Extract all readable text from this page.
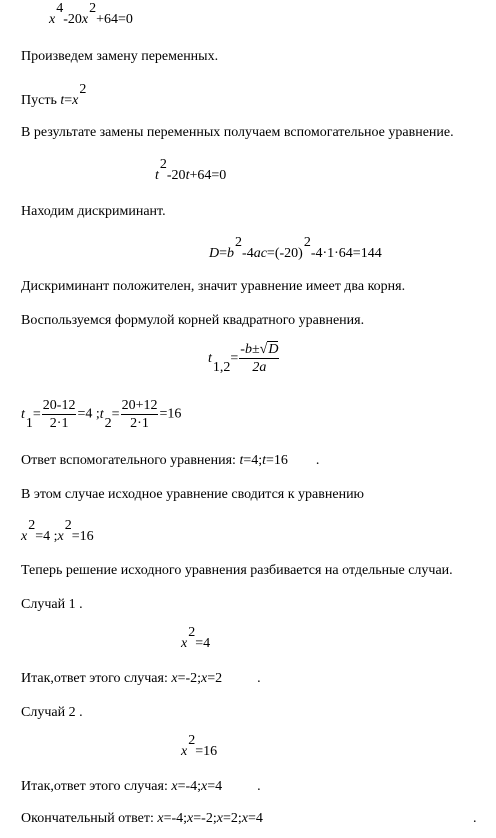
x4-20x2+64=0
Произведем замену переменных.
Пусть t=x2
В результате замены переменных получаем вспомогательное уравнение.
t2-20t+64=0
Находим дискриминант.
D=b2-4ac=(-20)2-4·1·64=144
Дискриминант положителен, значит уравнение имеет два корня.
Воспользуемся формулой корней квадратного уравнения.
$t1,2= \frac{-b\pm√D}{2a}$
$t1= \frac{20-12}{2\cdot 1} =4$ ;t2= $\frac{20+12}{2\cdot 1} =16$
Ответ вспомогательного уравнения: t=4;t=16        .
В этом случае исходное уравнение сводится к уравнению
x2=4 ;x2=16
Теперь решение исходного уравнения разбивается на отдельные случаи.
Случай 1 .
x2=4
Итак,ответ этого случая: x=-2;x=2          .
Случай 2 .
x2=16
Итак,ответ этого случая: x=-4;x=4          .
Окончательный ответ: x=-4;x=-2;x=2;x=4	.
